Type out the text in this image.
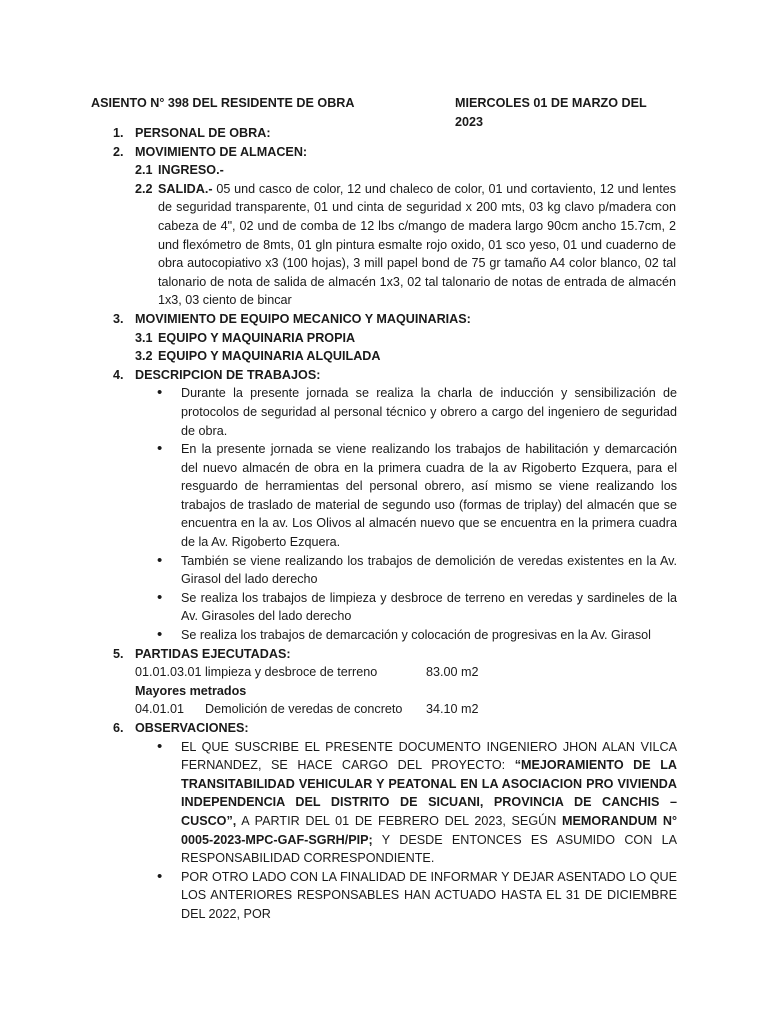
ASIENTO N° 398 DEL RESIDENTE DE OBRA	MIERCOLES 01 DE MARZO DEL 2023
1. PERSONAL DE OBRA:
2. MOVIMIENTO DE ALMACEN:
2.1 INGRESO.-
2.2 SALIDA.- 05 und casco de color, 12 und chaleco de color, 01 und cortaviento, 12 und lentes de seguridad transparente, 01 und cinta de seguridad x 200 mts, 03 kg clavo p/madera con cabeza de 4", 02 und de comba de 12 lbs c/mango de madera largo 90cm ancho 15.7cm, 2 und flexómetro de 8mts, 01 gln pintura esmalte rojo oxido, 01 sco yeso, 01 und cuaderno de obra autocopiativo x3 (100 hojas), 3 mill papel bond de 75 gr tamaño A4 color blanco, 02 tal talonario de nota de salida de almacén 1x3, 02 tal talonario de notas de entrada de almacén 1x3, 03 ciento de bincar
3. MOVIMIENTO DE EQUIPO MECANICO Y MAQUINARIAS:
3.1 EQUIPO Y MAQUINARIA PROPIA
3.2 EQUIPO Y MAQUINARIA ALQUILADA
4. DESCRIPCION DE TRABAJOS:
• Durante la presente jornada se realiza la charla de inducción y sensibilización de protocolos de seguridad al personal técnico y obrero a cargo del ingeniero de seguridad de obra.
• En la presente jornada se viene realizando los trabajos de habilitación y demarcación del nuevo almacén de obra en la primera cuadra de la av Rigoberto Ezquera, para el resguardo de herramientas del personal obrero, así mismo se viene realizando los trabajos de traslado de material de segundo uso (formas de triplay) del almacén que se encuentra en la av. Los Olivos al almacén nuevo que se encuentra en la primera cuadra de la Av. Rigoberto Ezquera.
• También se viene realizando los trabajos de demolición de veredas existentes en la Av. Girasol del lado derecho
• Se realiza los trabajos de limpieza y desbroce de terreno en veredas y sardineles de la Av. Girasoles del lado derecho
• Se realiza los trabajos de demarcación y colocación de progresivas en la Av. Girasol
5. PARTIDAS EJECUTADAS:
01.01.03.01 limpieza y desbroce de terreno	83.00 m2
Mayores metrados
04.01.01 Demolición de veredas de concreto 34.10 m2
6. OBSERVACIONES:
• EL QUE SUSCRIBE EL PRESENTE DOCUMENTO INGENIERO JHON ALAN VILCA FERNANDEZ, SE HACE CARGO DEL PROYECTO: “MEJORAMIENTO DE LA TRANSITABILIDAD VEHICULAR Y PEATONAL EN LA ASOCIACION PRO VIVIENDA INDEPENDENCIA DEL DISTRITO DE SICUANI, PROVINCIA DE CANCHIS – CUSCO”, A PARTIR DEL 01 DE FEBRERO DEL 2023, SEGÚN MEMORANDUM N° 0005-2023-MPC-GAF-SGRH/PIP; Y DESDE ENTONCES ES ASUMIDO CON LA RESPONSABILIDAD CORRESPONDIENTE.
• POR OTRO LADO CON LA FINALIDAD DE INFORMAR Y DEJAR ASENTADO LO QUE LOS ANTERIORES RESPONSABLES HAN ACTUADO HASTA EL 31 DE DICIEMBRE DEL 2022, POR
